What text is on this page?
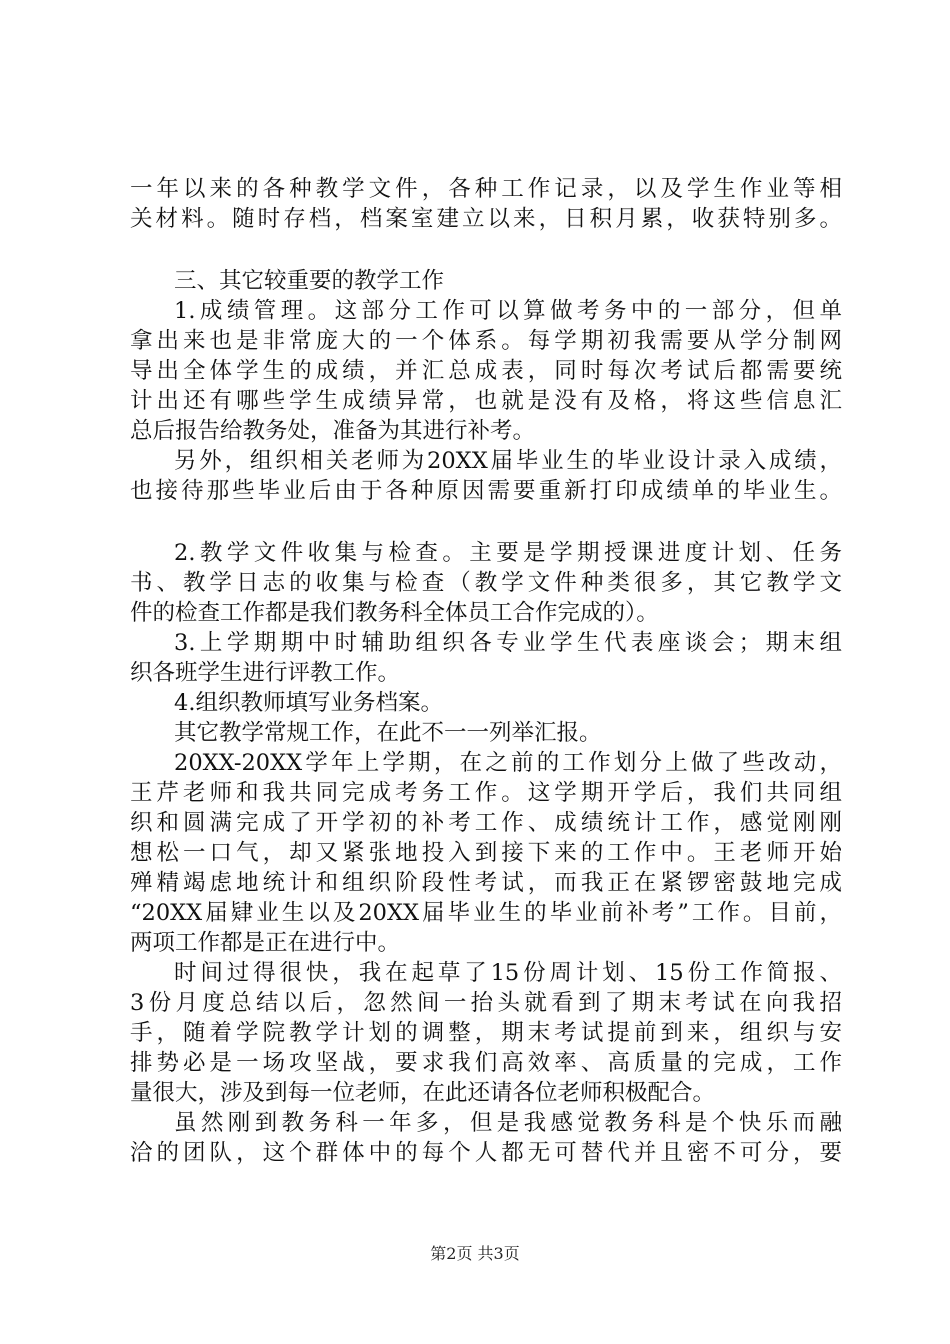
一年以来的各种教学文件，各种工作记录，以及学生作业等相
关材料。随时存档，档案室建立以来，日积月累，收获特别多。
三、其它较重要的教学工作
1.成绩管理。这部分工作可以算做考务中的一部分，但单
拿出来也是非常庞大的一个体系。每学期初我需要从学分制网
导出全体学生的成绩，并汇总成表，同时每次考试后都需要统
计出还有哪些学生成绩异常，也就是没有及格，将这些信息汇
总后报告给教务处，准备为其进行补考。
另外，组织相关老师为20XX届毕业生的毕业设计录入成绩，
也接待那些毕业后由于各种原因需要重新打印成绩单的毕业生。
2.教学文件收集与检查。主要是学期授课进度计划、任务
书、教学日志的收集与检查（教学文件种类很多，其它教学文
件的检查工作都是我们教务科全体员工合作完成的）。
3.上学期期中时辅助组织各专业学生代表座谈会；期末组
织各班学生进行评教工作。
4.组织教师填写业务档案。
其它教学常规工作，在此不一一列举汇报。
20XX-20XX学年上学期，在之前的工作划分上做了些改动，
王芹老师和我共同完成考务工作。这学期开学后，我们共同组
织和圆满完成了开学初的补考工作、成绩统计工作，感觉刚刚
想松一口气，却又紧张地投入到接下来的工作中。王老师开始
殚精竭虑地统计和组织阶段性考试，而我正在紧锣密鼓地完成
“20XX届肄业生以及20XX届毕业生的毕业前补考”工作。目前，
两项工作都是正在进行中。
时间过得很快，我在起草了15份周计划、15份工作简报、
3份月度总结以后，忽然间一抬头就看到了期末考试在向我招
手，随着学院教学计划的调整，期末考试提前到来，组织与安
排势必是一场攻坚战，要求我们高效率、高质量的完成，工作
量很大，涉及到每一位老师，在此还请各位老师积极配合。
虽然刚到教务科一年多，但是我感觉教务科是个快乐而融
洽的团队，这个群体中的每个人都无可替代并且密不可分，要
第2页 共3页
